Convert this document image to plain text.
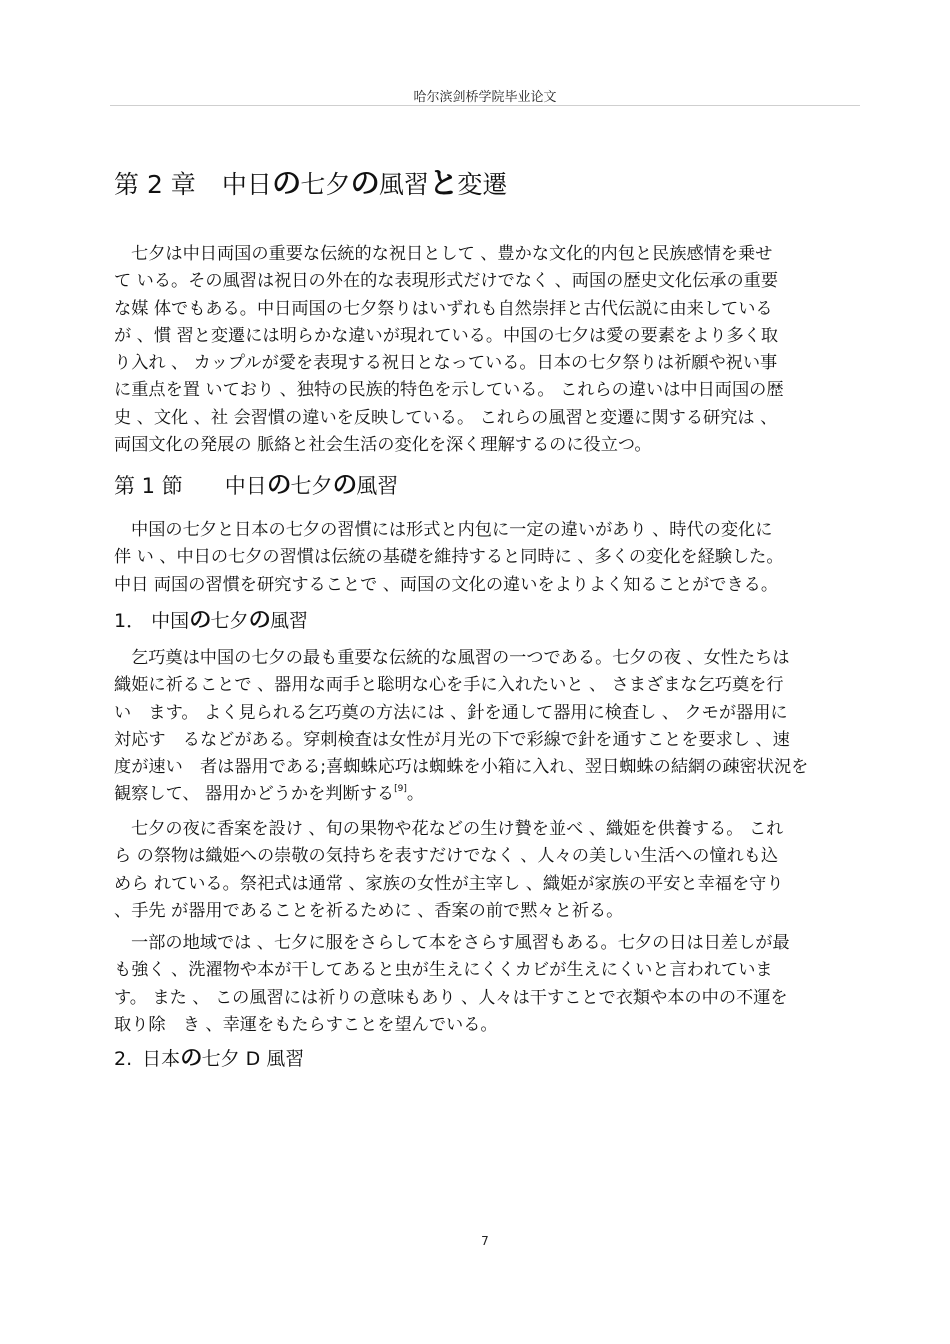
哈尔滨剑桥学院毕业论文
第 2 章 中日の七夕の風習と変遷
七夕は中日両国の重要な伝統的な祝日として 、豊かな文化的内包と民族感情を乗せ
て いる。その風習は祝日の外在的な表現形式だけでなく 、両国の歴史文化伝承の重要
な媒 体でもある。中日両国の七夕祭りはいずれも自然崇拝と古代伝説に由来している
が 、慣 習と変遷には明らかな違いが現れている。中国の七夕は愛の要素をより多く取
り入れ 、 カップルが愛を表現する祝日となっている。日本の七夕祭りは祈願や祝い事
に重点を置 いており 、独特の民族的特色を示している。 これらの違いは中日両国の歴
史 、文化 、社 会習慣の違いを反映している。 これらの風習と変遷に関する研究は 、
両国文化の発展の 脈絡と社会生活の変化を深く理解するのに役立つ。
第 1 節 中日の七夕の風習
中国の七夕と日本の七夕の習慣には形式と内包に一定の違いがあり 、時代の変化に
伴 い 、中日の七夕の習慣は伝統の基礎を維持すると同時に 、多くの変化を経験した。
中日 両国の習慣を研究することで 、両国の文化の違いをよりよく知ることができる。
1． 中国の七夕の風習
乞巧奠は中国の七夕の最も重要な伝統的な風習の一つである。七夕の夜 、女性たちは
織姫に祈ることで 、器用な両手と聡明な心を手に入れたいと 、 さまざまな乞巧奠を行
い　ます。 よく見られる乞巧奠の方法には 、針を通して器用に検査し 、 クモが器用に
対応す　るなどがある。穿刺検査は女性が月光の下で彩線で針を通すことを要求し 、速
度が速い　者は器用である;喜蜘蛛応巧は蜘蛛を小箱に入れ、翌日蜘蛛の結網の疎密状況を
観察して、 器用かどうかを判断する[9]。
七夕の夜に香案を設け 、旬の果物や花などの生け贄を並べ 、織姫を供養する。 これ
ら の祭物は織姫への崇敬の気持ちを表すだけでなく 、人々の美しい生活への憧れも込
めら れている。祭祀式は通常 、家族の女性が主宰し 、織姫が家族の平安と幸福を守り
、手先 が器用であることを祈るために 、香案の前で黙々と祈る。
一部の地域では 、七夕に服をさらして本をさらす風習もある。七夕の日は日差しが最
も強く 、洗濯物や本が干してあると虫が生えにくくカビが生えにくいと言われていま
す。 また 、 この風習には祈りの意味もあり 、人々は干すことで衣類や本の中の不運を
取り除　き 、幸運をもたらすことを望んでいる。
2. 日本の七夕 D 風習
7
